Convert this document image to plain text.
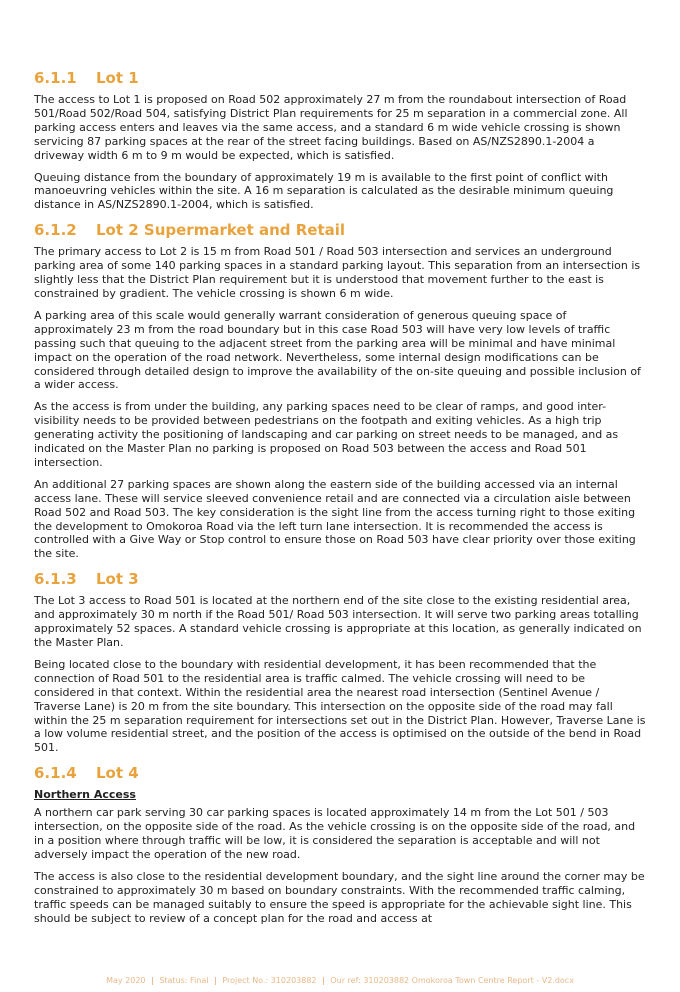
6.1.1	Lot 1

The access to Lot 1 is proposed on Road 502 approximately 27 m from the roundabout intersection of Road 501/Road 502/Road 504, satisfying District Plan requirements for 25 m separation in a commercial zone. All parking access enters and leaves via the same access, and a standard 6 m wide vehicle crossing is shown servicing 87 parking spaces at the rear of the street facing buildings. Based on AS/NZS2890.1-2004 a driveway width 6 m to 9 m would be expected, which is satisfied.

Queuing distance from the boundary of approximately 19 m is available to the first point of conflict with manoeuvring vehicles within the site. A 16 m separation is calculated as the desirable minimum queuing distance in AS/NZS2890.1-2004, which is satisfied.

6.1.2	Lot 2 Supermarket and Retail

The primary access to Lot 2 is 15 m from Road 501 / Road 503 intersection and services an underground parking area of some 140 parking spaces in a standard parking layout. This separation from an intersection is slightly less that the District Plan requirement but it is understood that movement further to the east is constrained by gradient. The vehicle crossing is shown 6 m wide.

A parking area of this scale would generally warrant consideration of generous queuing space of approximately 23 m from the road boundary but in this case Road 503 will have very low levels of traffic passing such that queuing to the adjacent street from the parking area will be minimal and have minimal impact on the operation of the road network. Nevertheless, some internal design modifications can be considered through detailed design to improve the availability of the on-site queuing and possible inclusion of a wider access.

As the access is from under the building, any parking spaces need to be clear of ramps, and good inter-visibility needs to be provided between pedestrians on the footpath and exiting vehicles. As a high trip generating activity the positioning of landscaping and car parking on street needs to be managed, and as indicated on the Master Plan no parking is proposed on Road 503 between the access and Road 501 intersection.

An additional 27 parking spaces are shown along the eastern side of the building accessed via an internal access lane. These will service sleeved convenience retail and are connected via a circulation aisle between Road 502 and Road 503. The key consideration is the sight line from the access turning right to those exiting the development to Omokoroa Road via the left turn lane intersection. It is recommended the access is controlled with a Give Way or Stop control to ensure those on Road 503 have clear priority over those exiting the site.

6.1.3	Lot 3

The Lot 3 access to Road 501 is located at the northern end of the site close to the existing residential area, and approximately 30 m north if the Road 501/ Road 503 intersection. It will serve two parking areas totalling approximately 52 spaces. A standard vehicle crossing is appropriate at this location, as generally indicated on the Master Plan.

Being located close to the boundary with residential development, it has been recommended that the connection of Road 501 to the residential area is traffic calmed. The vehicle crossing will need to be considered in that context. Within the residential area the nearest road intersection (Sentinel Avenue / Traverse Lane) is 20 m from the site boundary. This intersection on the opposite side of the road may fall within the 25 m separation requirement for intersections set out in the District Plan. However, Traverse Lane is a low volume residential street, and the position of the access is optimised on the outside of the bend in Road 501.

6.1.4	Lot 4
Northern Access

A northern car park serving 30 car parking spaces is located approximately 14 m from the Lot 501 / 503 intersection, on the opposite side of the road. As the vehicle crossing is on the opposite side of the road, and in a position where through traffic will be low, it is considered the separation is acceptable and will not adversely impact the operation of the new road.

The access is also close to the residential development boundary, and the sight line around the corner may be constrained to approximately 30 m based on boundary constraints. With the recommended traffic calming, traffic speeds can be managed suitably to ensure the speed is appropriate for the achievable sight line. This should be subject to review of a concept plan for the road and access at

May 2020 | Status: Final | Project No.: 310203882 | Our ref: 310203882 Omokoroa Town Centre Report - V2.docx
